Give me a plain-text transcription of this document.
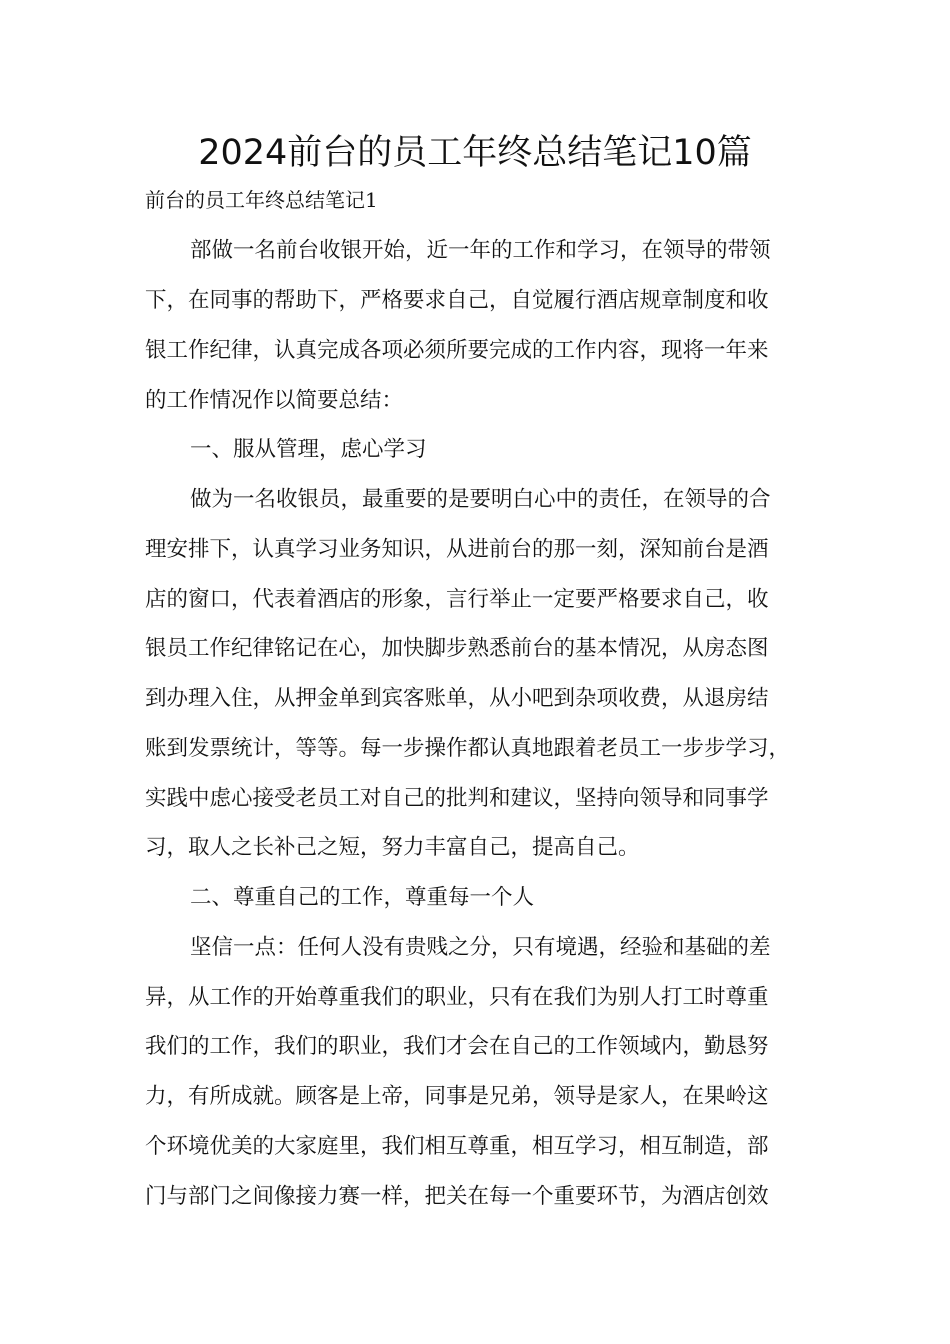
2024前台的员工年终总结笔记10篇
前台的员工年终总结笔记1
部做一名前台收银开始，近一年的工作和学习，在领导的带领
下，在同事的帮助下，严格要求自己，自觉履行酒店规章制度和收
银工作纪律，认真完成各项必须所要完成的工作内容，现将一年来
的工作情况作以简要总结：
一、服从管理，虑心学习
做为一名收银员，最重要的是要明白心中的责任，在领导的合
理安排下，认真学习业务知识，从进前台的那一刻，深知前台是酒
店的窗口，代表着酒店的形象，言行举止一定要严格要求自己，收
银员工作纪律铭记在心，加快脚步熟悉前台的基本情况，从房态图
到办理入住，从押金单到宾客账单，从小吧到杂项收费，从退房结
账到发票统计，等等。每一步操作都认真地跟着老员工一步步学习，
实践中虑心接受老员工对自己的批判和建议，坚持向领导和同事学
习，取人之长补己之短，努力丰富自己，提高自己。
二、尊重自己的工作，尊重每一个人
坚信一点：任何人没有贵贱之分，只有境遇，经验和基础的差
异，从工作的开始尊重我们的职业，只有在我们为别人打工时尊重
我们的工作，我们的职业，我们才会在自己的工作领域内，勤恳努
力，有所成就。顾客是上帝，同事是兄弟，领导是家人，在果岭这
个环境优美的大家庭里，我们相互尊重，相互学习，相互制造，部
门与部门之间像接力赛一样，把关在每一个重要环节，为酒店创效
